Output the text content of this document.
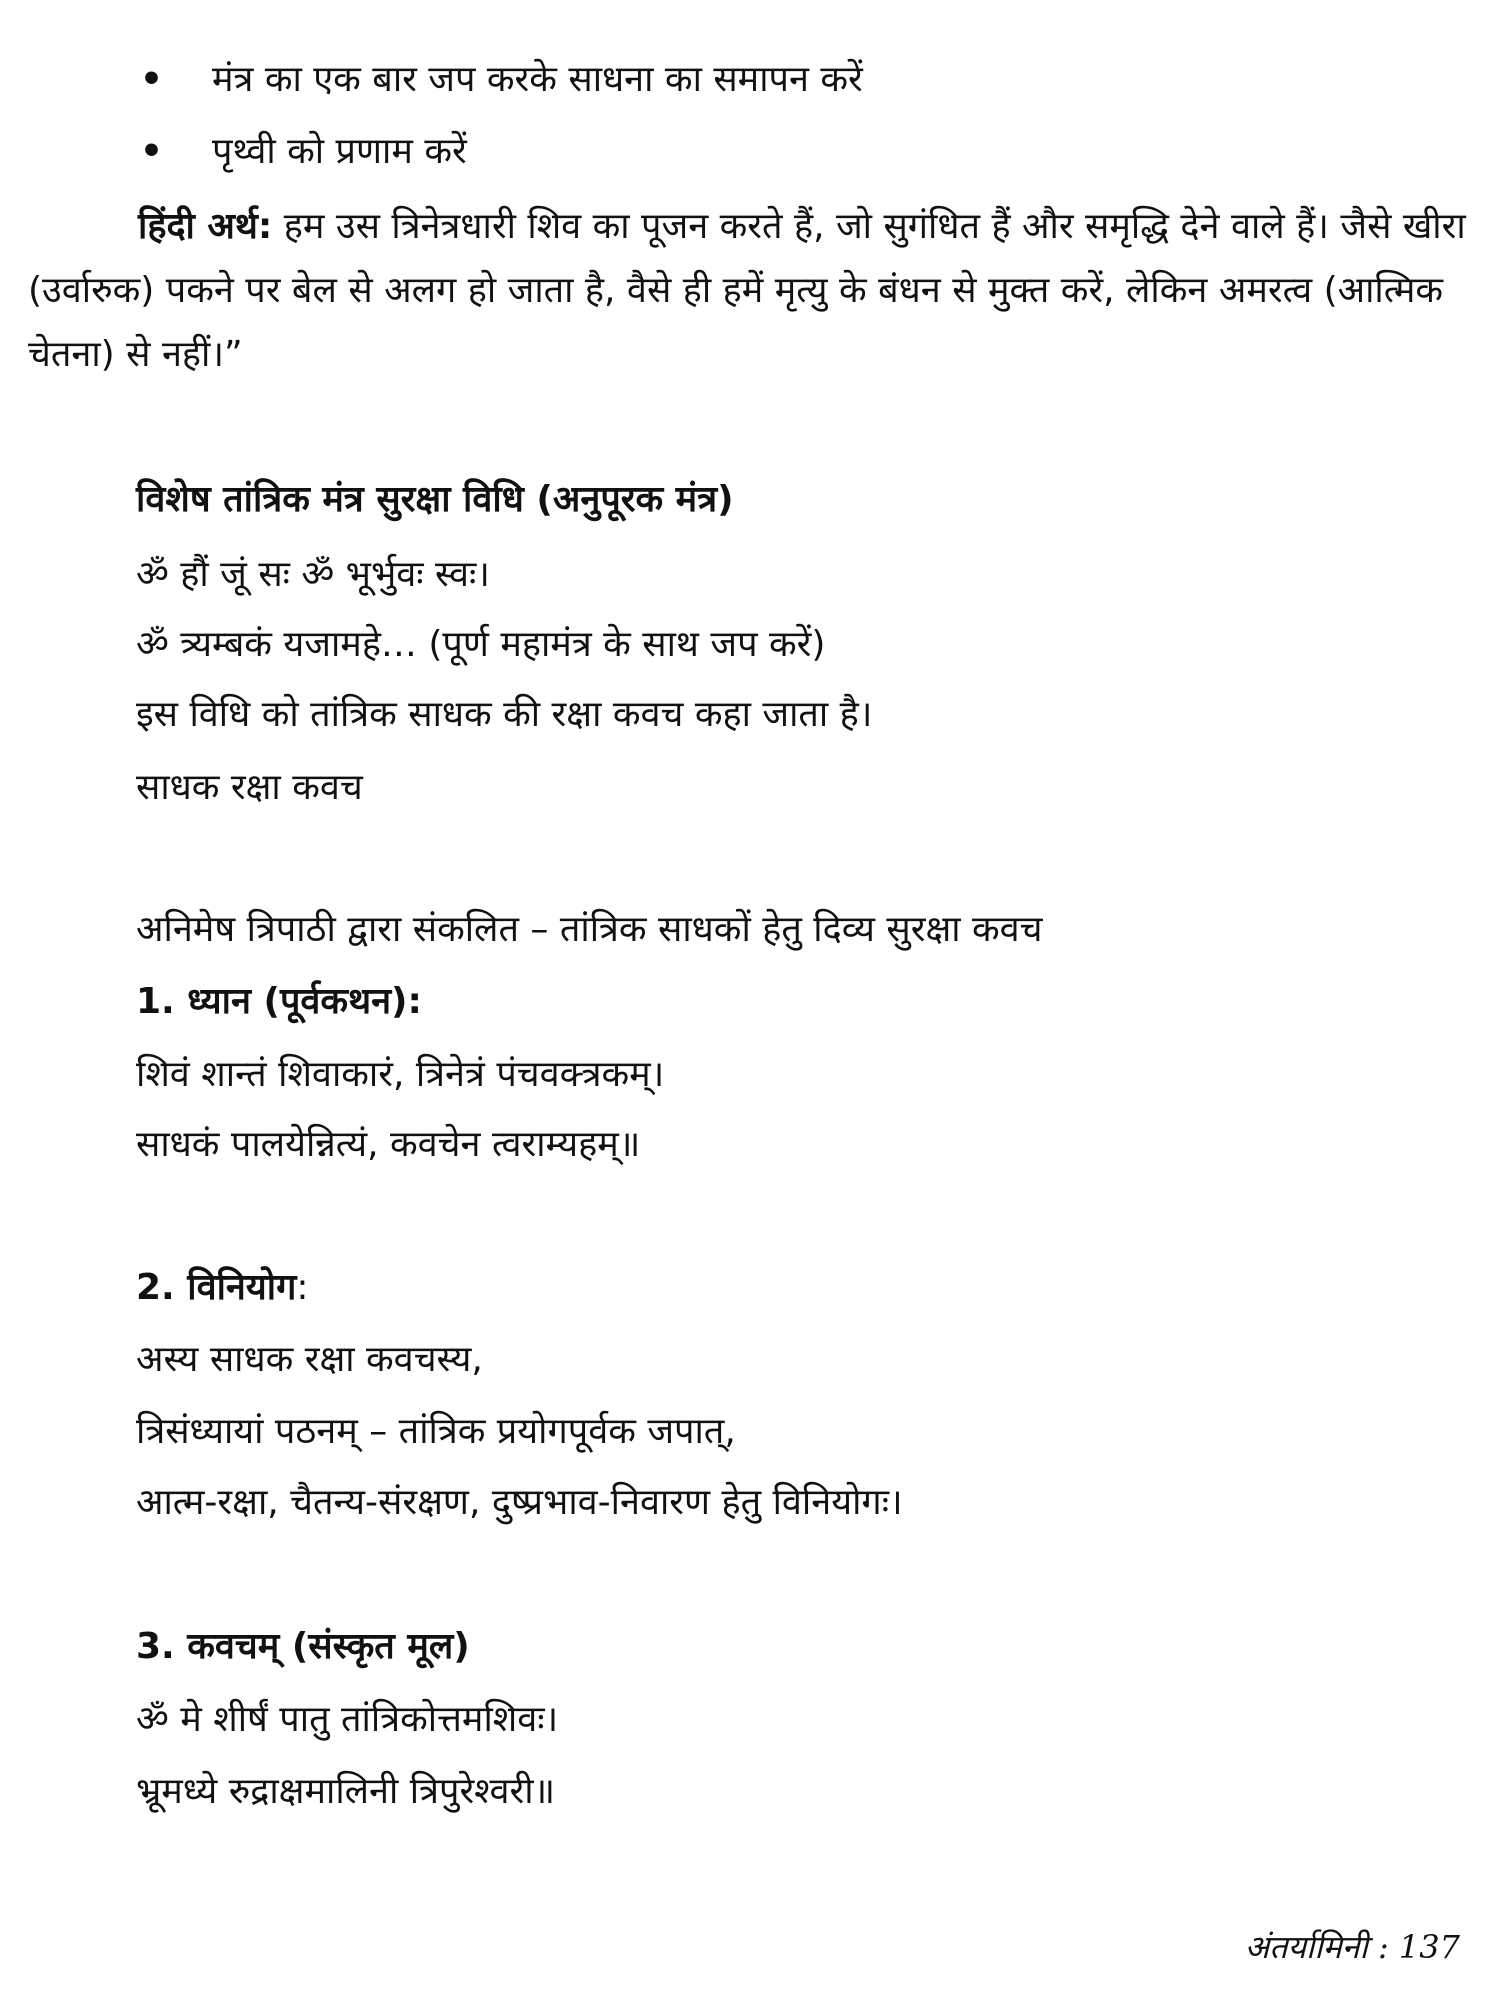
• मंत्र का एक बार जप करके साधना का समापन करें
• पृथ्वी को प्रणाम करें
हिंदी अर्थ: हम उस त्रिनेत्रधारी शिव का पूजन करते हैं, जो सुगंधित हैं और समृद्धि देने वाले हैं। जैसे खीरा (उर्वारुक) पकने पर बेल से अलग हो जाता है, वैसे ही हमें मृत्यु के बंधन से मुक्त करें, लेकिन अमरत्व (आत्मिक चेतना) से नहीं।”
विशेष तांत्रिक मंत्र सुरक्षा विधि (अनुपूरक मंत्र)
ॐ हौं जूं सः ॐ भूर्भुवः स्वः।
ॐ त्र्यम्बकं यजामहे… (पूर्ण महामंत्र के साथ जप करें)
इस विधि को तांत्रिक साधक की रक्षा कवच कहा जाता है।
साधक रक्षा कवच
अनिमेष त्रिपाठी द्वारा संकलित – तांत्रिक साधकों हेतु दिव्य सुरक्षा कवच
1. ध्यान (पूर्वकथन):
शिवं शान्तं शिवाकारं, त्रिनेत्रं पंचवक्त्रकम्।
साधकं पालयेन्नित्यं, कवचेन त्वराम्यहम्॥
2. विनियोग:
अस्य साधक रक्षा कवचस्य,
त्रिसंध्यायां पठनम् – तांत्रिक प्रयोगपूर्वक जपात्,
आत्म-रक्षा, चैतन्य-संरक्षण, दुष्प्रभाव-निवारण हेतु विनियोगः।
3. कवचम् (संस्कृत मूल)
ॐ मे शीर्षं पातु तांत्रिकोत्तमशिवः।
भ्रूमध्ये रुद्राक्षमालिनी त्रिपुरेश्वरी॥
अंतर्यामिनी : 137
